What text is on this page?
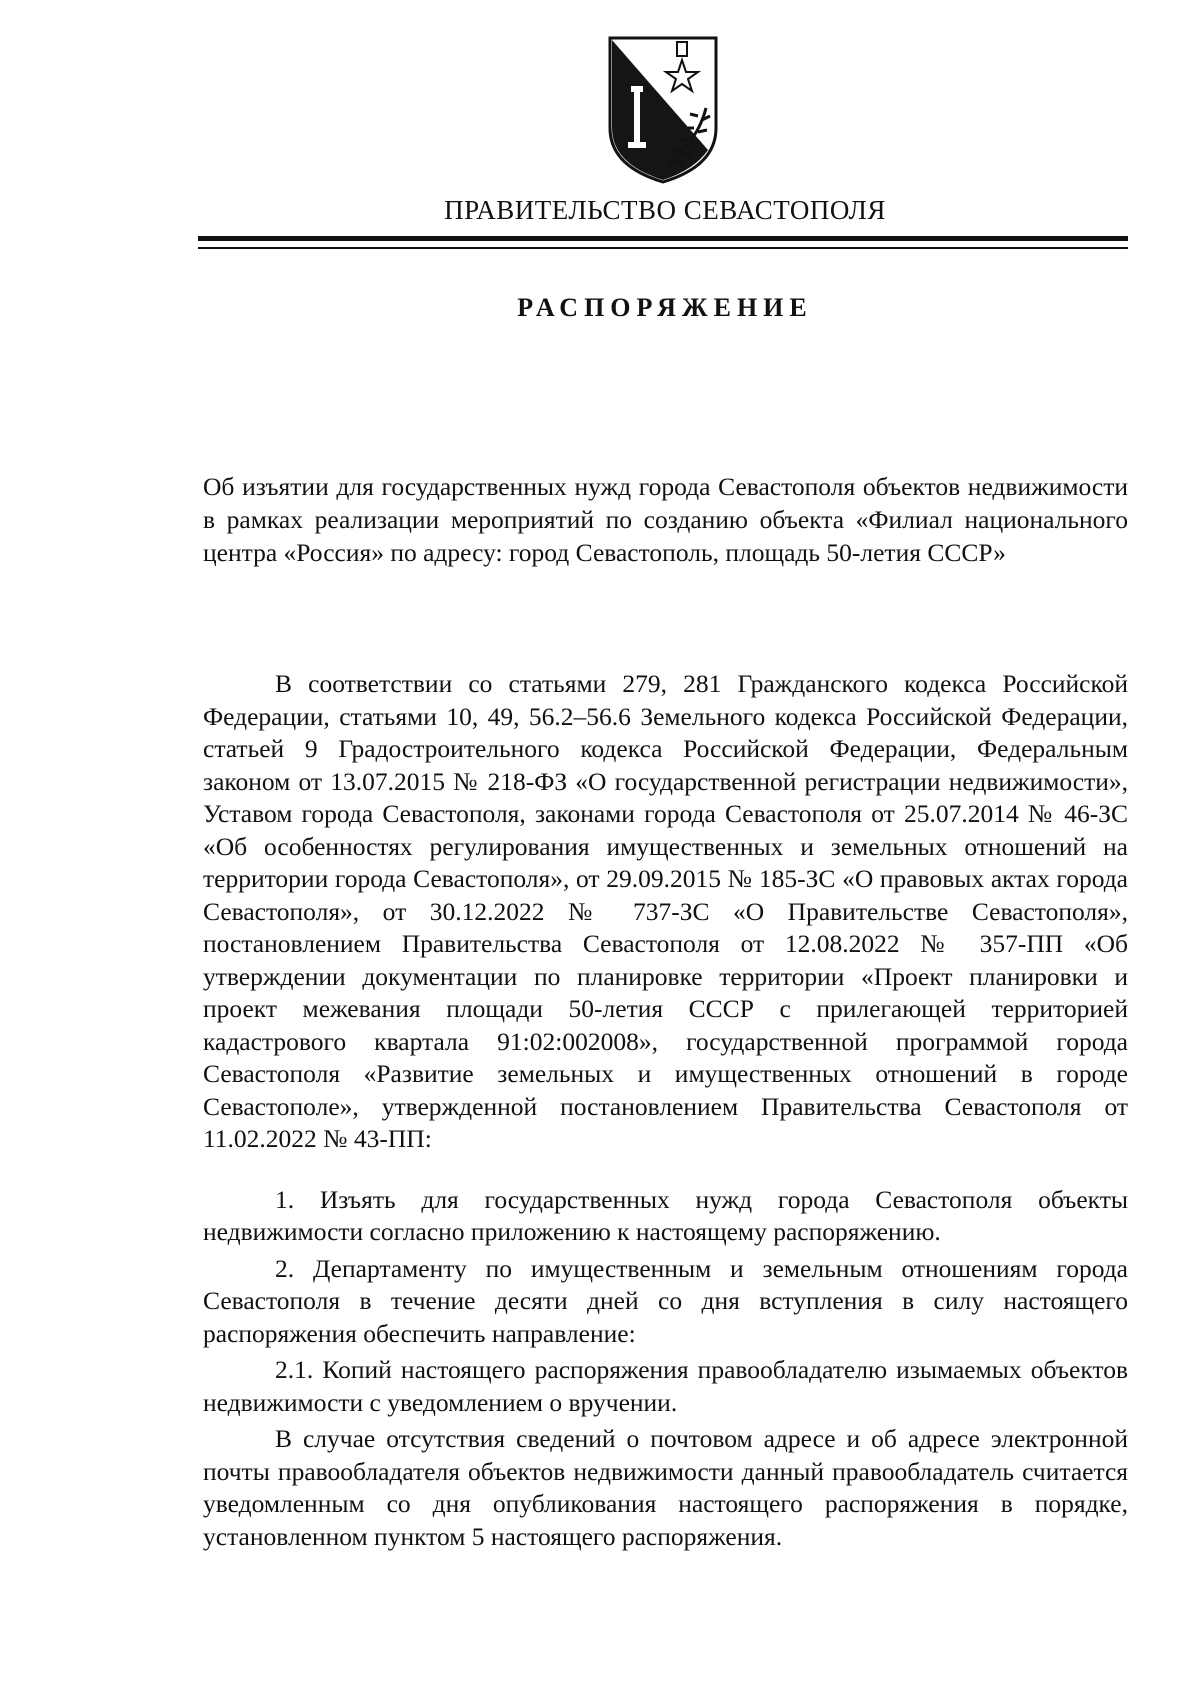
ПРАВИТЕЛЬСТВО СЕВАСТОПОЛЯ
РАСПОРЯЖЕНИЕ
Об изъятии для государственных нужд города Севастополя объектов недвижимости в рамках реализации мероприятий по созданию объекта «Филиал национального центра «Россия» по адресу: город Севастополь, площадь 50-летия СССР»

В соответствии со статьями 279, 281 Гражданского кодекса Российской Федерации, статьями 10, 49, 56.2–56.6 Земельного кодекса Российской Федерации, статьей 9 Градостроительного кодекса Российской Федерации, Федеральным законом от 13.07.2015 № 218-ФЗ «О государственной регистрации недвижимости», Уставом города Севастополя, законами города Севастополя от 25.07.2014 № 46-ЗС «Об особенностях регулирования имущественных и земельных отношений на территории города Севастополя», от 29.09.2015 № 185-ЗС «О правовых актах города Севастополя», от 30.12.2022 № 737-ЗС «О Правительстве Севастополя», постановлением Правительства Севастополя от 12.08.2022 № 357-ПП «Об утверждении документации по планировке территории «Проект планировки и проект межевания площади 50-летия СССР с прилегающей территорией кадастрового квартала 91:02:002008», государственной программой города Севастополя «Развитие земельных и имущественных отношений в городе Севастополе», утвержденной постановлением Правительства Севастополя от 11.02.2022 № 43-ПП:

1. Изъять для государственных нужд города Севастополя объекты недвижимости согласно приложению к настоящему распоряжению.

2. Департаменту по имущественным и земельным отношениям города Севастополя в течение десяти дней со дня вступления в силу настоящего распоряжения обеспечить направление:

2.1. Копий настоящего распоряжения правообладателю изымаемых объектов недвижимости с уведомлением о вручении.

В случае отсутствия сведений о почтовом адресе и об адресе электронной почты правообладателя объектов недвижимости данный правообладатель считается уведомленным со дня опубликования настоящего распоряжения в порядке, установленном пунктом 5 настоящего распоряжения.
